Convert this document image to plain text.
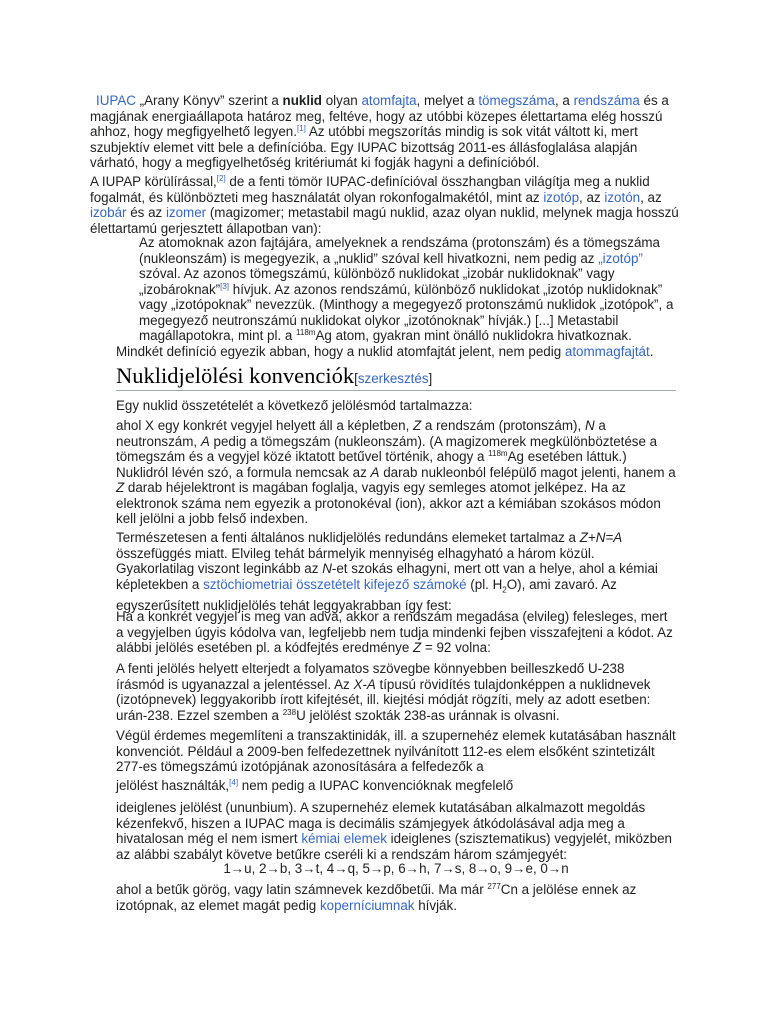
IUPAC „Arany Könyv” szerint a nuklid olyan atomfajta, melyet a tömegszáma, a rendszáma és a magjának energiaállapota határoz meg, feltéve, hogy az utóbbi közepes élettartama elég hosszú ahhoz, hogy megfigyelhető legyen.[1] Az utóbbi megszorítás mindig is sok vitát váltott ki, mert szubjektív elemet vitt bele a definícióba. Egy IUPAC bizottság 2011-es állásfoglalása alapján várható, hogy a megfigyelhetőség kritériumát ki fogják hagyni a definícióból.

A IUPAP körülírással,[2] de a fenti tömör IUPAC-definícióval összhangban világítja meg a nuklid fogalmát, és különbözteti meg használatát olyan rokonfogalmakétól, mint az izotóp, az izotón, az izobár és az izomer (magizomer; metastabil magú nuklid, azaz olyan nuklid, melynek magja hosszú élettartamú gerjesztett állapotban van):

Az atomoknak azon fajtájára, amelyeknek a rendszáma (protonszám) és a tömegszáma (nukleonszám) is megegyezik, a „nuklid” szóval kell hivatkozni, nem pedig az „izotóp” szóval. Az azonos tömegszámú, különböző nuklidokat „izobár nuklidoknak” vagy „izobároknak”[3] hívjuk. Az azonos rendszámú, különböző nuklidokat „izotóp nuklidoknak” vagy „izotópoknak” nevezzük. (Minthogy a megegyező protonszámú nuklidok „izotópok”, a megegyező neutronszámú nuklidokat olykor „izotónoknak” hívják.) [...] Metastabil magállapotokra, mint pl. a $^{118m}$Ag atom, gyakran mint önálló nuklidokra hivatkoznak.

Mindkét definíció egyezik abban, hogy a nuklid atomfajtát jelent, nem pedig atommagfajtát.

Nuklidjelölési konvenciók[szerkesztés]

Egy nuklid összetételét a következő jelölésmód tartalmazza:

ahol X egy konkrét vegyjel helyett áll a képletben, Z a rendszám (protonszám), N a neutronszám, A pedig a tömegszám (nukleonszám). (A magizomerek megkülönböztetése a tömegszám és a vegyjel közé iktatott betűvel történik, ahogy a $^{118m}$Ag esetében láttuk.) Nuklidról lévén szó, a formula nemcsak az A darab nukleonból felépülő magot jelenti, hanem a Z darab héjelektront is magában foglalja, vagyis egy semleges atomot jelképez. Ha az elektronok száma nem egyezik a protonokéval (ion), akkor azt a kémiában szokásos módon kell jelölni a jobb felső indexben.

Természetesen a fenti általános nuklidjelölés redundáns elemeket tartalmaz a Z+N=A összefüggés miatt. Elvileg tehát bármelyik mennyiség elhagyható a három közül. Gyakorlatilag viszont leginkább az N-et szokás elhagyni, mert ott van a helye, ahol a kémiai képletekben a sztöchiometriai összetételt kifejező számoké (pl. $H_2O$), ami zavaró. Az egyszerűsített nuklidjelölés tehát leggyakrabban így fest:

Ha a konkrét vegyjel is meg van adva, akkor a rendszám megadása (elvileg) felesleges, mert a vegyjelben úgyis kódolva van, legfeljebb nem tudja mindenki fejben visszafejteni a kódot. Az alábbi jelölés esetében pl. a kódfejtés eredménye Z = 92 volna:

A fenti jelölés helyett elterjedt a folyamatos szövegbe könnyebben beilleszkedő U-238 írásmód is ugyanazzal a jelentéssel. Az X-A típusú rövidítés tulajdonképpen a nuklidnevek (izotópnevek) leggyakoribb írott kifejtését, ill. kiejtési módját rögzíti, mely az adott esetben: urán-238. Ezzel szemben a $^{238}$U jelölést szokták 238-as uránnak is olvasni.

Végül érdemes megemlíteni a transzaktinidák, ill. a szupernehéz elemek kutatásában használt konvenciót. Például a 2009-ben felfedezettnek nyilvánított 112-es elem elsőként szintetizált 277-es tömegszámú izotópjának azonosítására a felfedezők a

jelölést használták,[4] nem pedig a IUPAC konvencióknak megfelelő

ideiglenes jelölést (ununbium). A szupernehéz elemek kutatásában alkalmazott megoldás kézenfekvő, hiszen a IUPAC maga is decimális számjegyek átkódolásával adja meg a hivatalosan még el nem ismert kémiai elemek ideiglenes (szisztematikus) vegyjelét, miközben az alábbi szabályt követve betűkre cseréli ki a rendszám három számjegyét:

1→u, 2→b, 3→t, 4→q, 5→p, 6→h, 7→s, 8→o, 9→e, 0→n

ahol a betűk görög, vagy latin számnevek kezdőbetűi. Ma már $^{277}$Cn a jelölése ennek az izotópnak, az elemet magát pedig koperníciumnak hívják.
